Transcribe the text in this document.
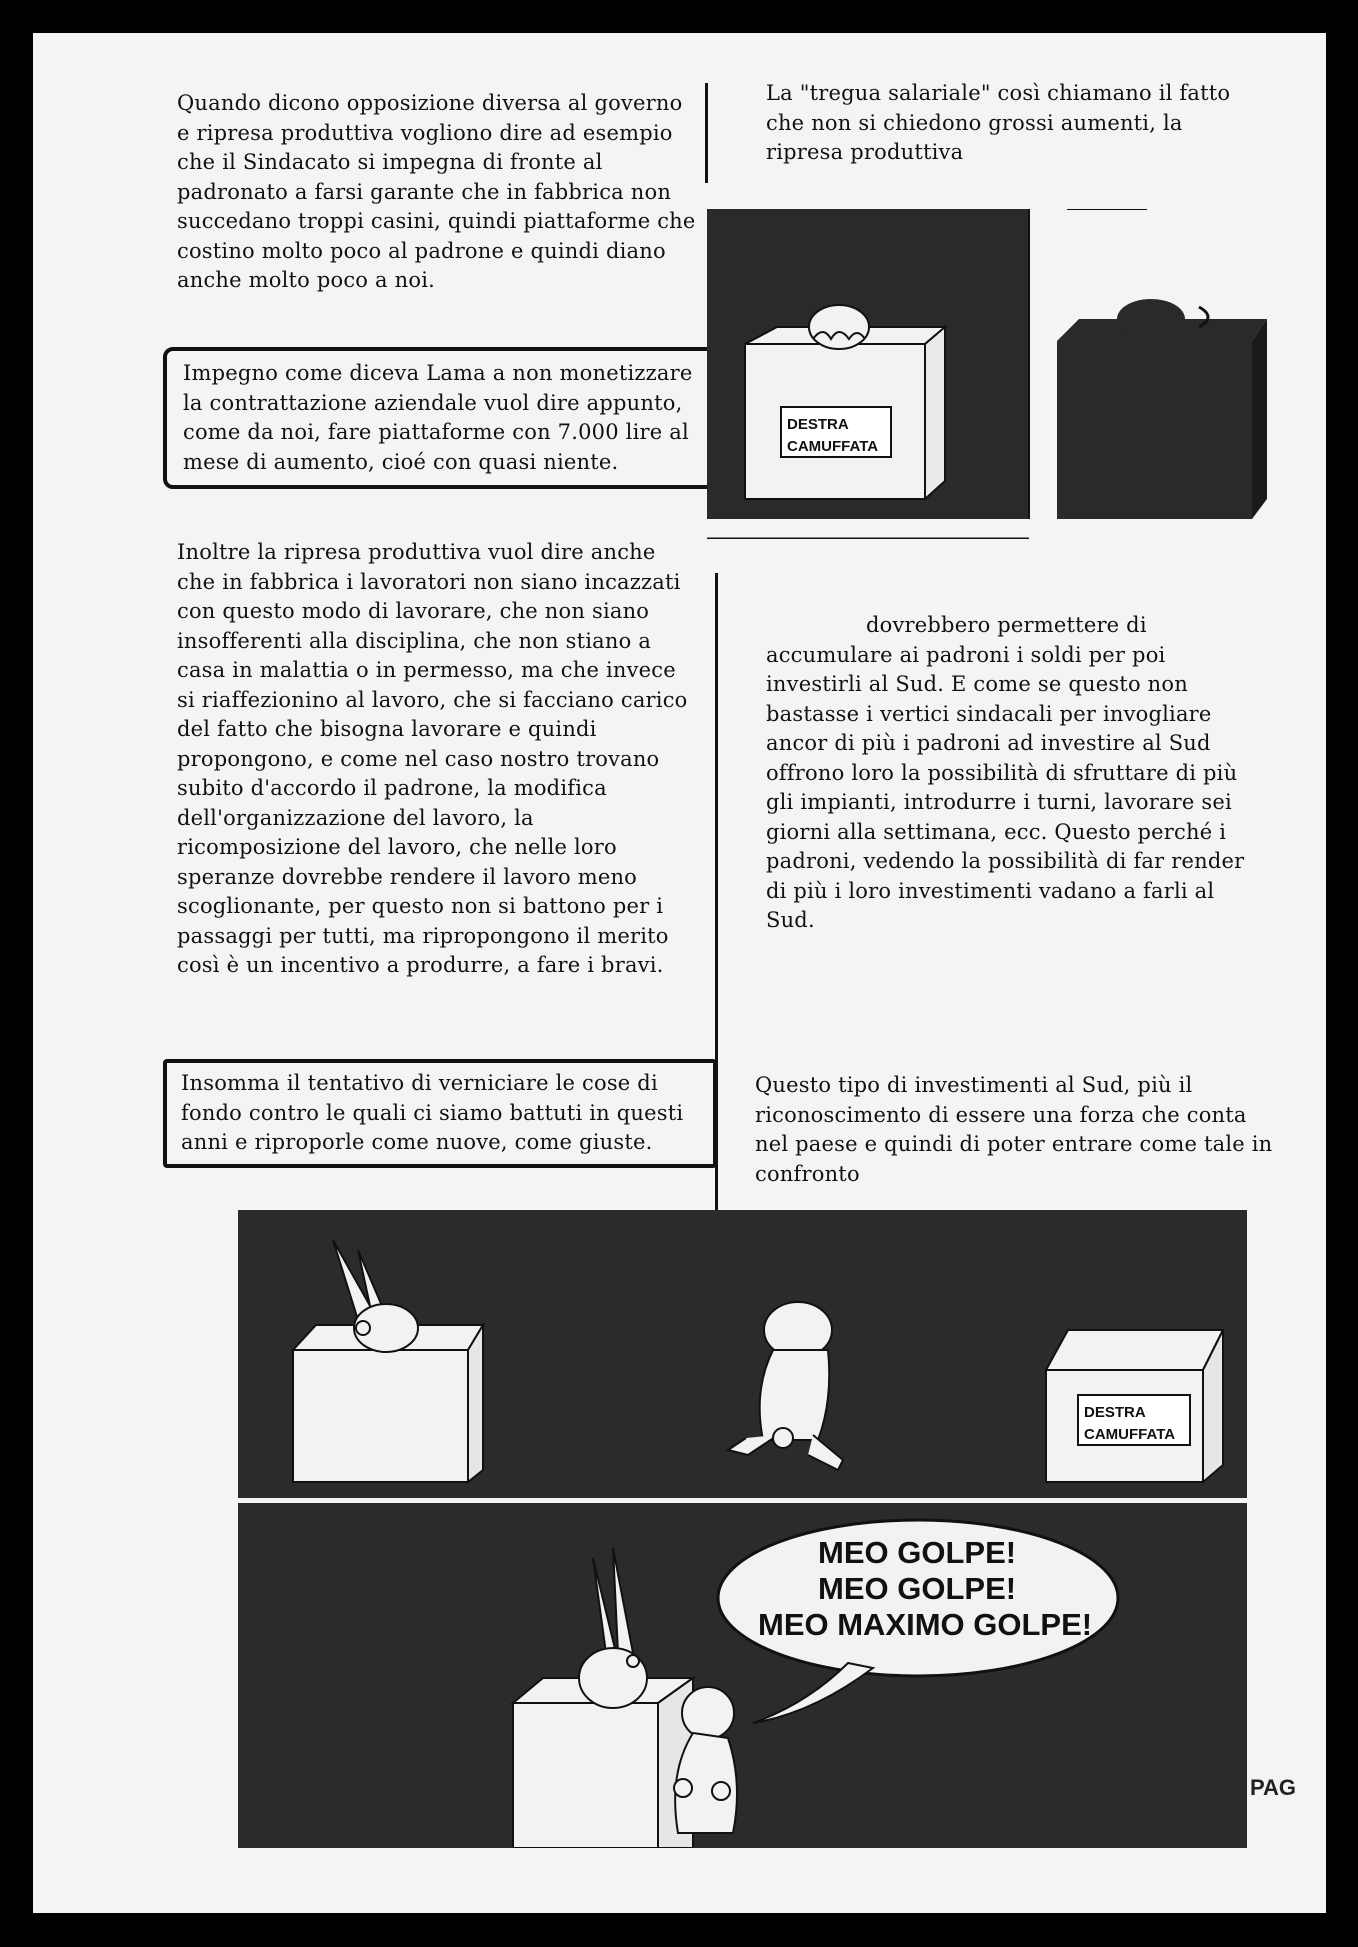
Quando dicono opposizione diversa al governo e ripresa produttiva vogliono dire ad esempio che il Sindacato si impegna di fronte al padronato a farsi garante che in fabbrica non succedano troppi casini, quindi piattaforme che costino molto poco al padrone e quindi diano anche molto poco a noi.
Impegno come diceva Lama a non monetizzare la contrattazione aziendale vuol dire appunto, come da noi, fare piattaforme con 7.000 lire al mese di aumento, cioé con quasi niente.
Inoltre la ripresa produttiva vuol dire anche che in fabbrica i lavoratori non siano incazzati con questo modo di lavorare, che non siano insofferenti alla disciplina, che non stiano a casa in malattia o in permesso, ma che invece si riaffezionino al lavoro, che si facciano carico del fatto che bisogna lavorare e quindi propongono, e come nel caso nostro trovano subito d'accordo il padrone, la modifica dell'organizzazione del lavoro, la ricomposizione del lavoro, che nelle loro speranze dovrebbe rendere il lavoro meno scoglionante, per questo non si battono per i passaggi per tutti, ma ripropongono il merito così è un incentivo a produrre, a fare i bravi.
Insomma il tentativo di verniciare le cose di fondo contro le quali ci siamo battuti in questi anni e riproporle come nuove, come giuste.
La "tregua salariale" così chiamano il fatto che non si chiedono grossi aumenti, la ripresa produttiva
DESTRA
CAMUFFATA
dovrebbero permettere di accumulare ai padroni i soldi per poi investirli al Sud. E come se questo non bastasse i vertici sindacali per invogliare ancor di più i padroni ad investire al Sud offrono loro la possibilità di sfruttare di più gli impianti, introdurre i turni, lavorare sei giorni alla settimana, ecc. Questo perché i padroni, vedendo la possibilità di far render di più i loro investimenti vadano a farli al Sud.
Questo tipo di investimenti al Sud, più il riconoscimento di essere una forza che conta nel paese e quindi di poter entrare come tale in confronto
DESTRA
CAMUFFATA
MEO GOLPE!
MEO GOLPE!
MEO MAXIMO GOLPE!
PAG
